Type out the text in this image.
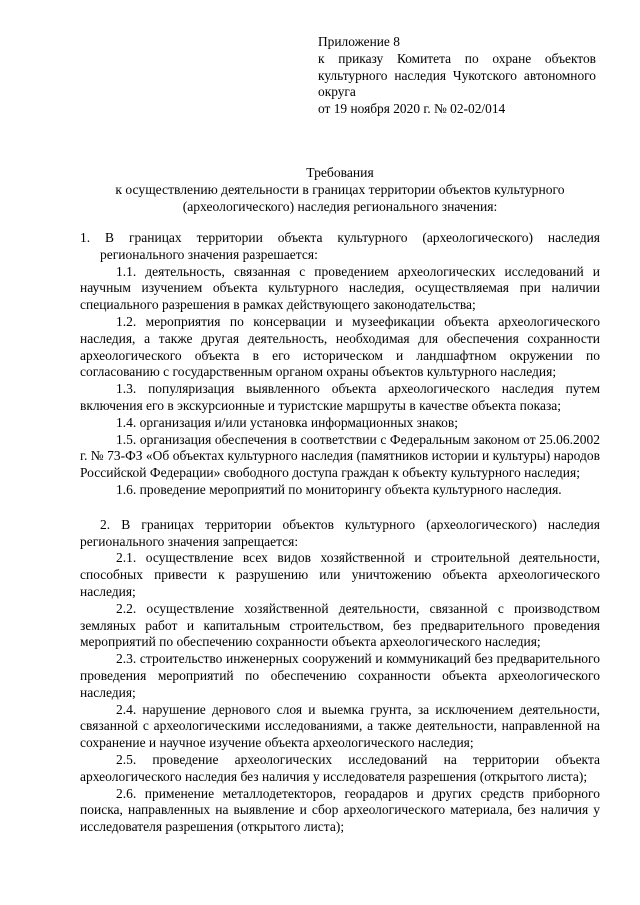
Приложение 8

к приказу Комитета по охране объектов

культурного наследия Чукотского автономного

округа

от 19 ноября 2020 г. № 02-02/014

Требования

к осуществлению деятельности в границах территории объектов культурного

(археологического) наследия регионального значения:

1. В границах территории объекта культурного (археологического) наследия регионального значения разрешается:

1.1. деятельность, связанная с проведением археологических исследований и научным изучением объекта культурного наследия, осуществляемая при наличии специального разрешения в рамках действующего законодательства;

1.2. мероприятия по консервации и музеефикации объекта археологического наследия, а также другая деятельность, необходимая для обеспечения сохранности археологического объекта в его историческом и ландшафтном окружении по согласованию с государственным органом охраны объектов культурного наследия;

1.3. популяризация выявленного объекта археологического наследия путем включения его в экскурсионные и туристские маршруты в качестве объекта показа;

1.4. организация и/или установка информационных знаков;

1.5. организация обеспечения в соответствии с Федеральным законом от 25.06.2002 г. № 73-ФЗ «Об объектах культурного наследия (памятников истории и культуры) народов Российской Федерации» свободного доступа граждан к объекту культурного наследия;

1.6. проведение мероприятий по мониторингу объекта культурного наследия.

2. В границах территории объектов культурного (археологического) наследия регионального значения запрещается:

2.1. осуществление всех видов хозяйственной и строительной деятельности, способных привести к разрушению или уничтожению объекта археологического наследия;

2.2. осуществление хозяйственной деятельности, связанной с производством земляных работ и капитальным строительством, без предварительного проведения мероприятий по обеспечению сохранности объекта археологического наследия;

2.3. строительство инженерных сооружений и коммуникаций без предварительного проведения мероприятий по обеспечению сохранности объекта археологического наследия;

2.4. нарушение дернового слоя и выемка грунта, за исключением деятельности, связанной с археологическими исследованиями, а также деятельности, направленной на сохранение и научное изучение объекта археологического наследия;

2.5. проведение археологических исследований на территории объекта археологического наследия без наличия у исследователя разрешения (открытого листа);

2.6. применение металлодетекторов, георадаров и других средств приборного поиска, направленных на выявление и сбор археологического материала, без наличия у исследователя разрешения (открытого листа);
